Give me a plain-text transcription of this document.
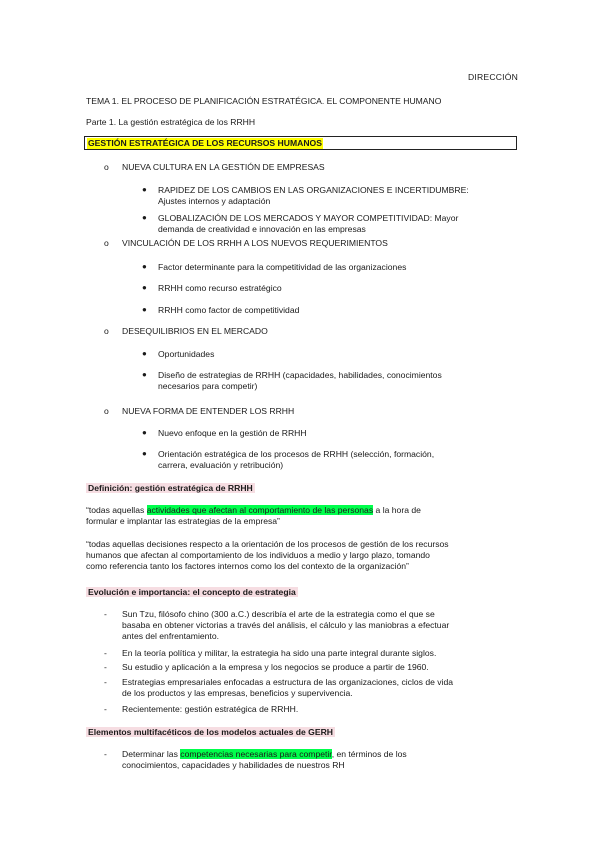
DIRECCIÓN
TEMA 1. EL PROCESO DE PLANIFICACIÓN ESTRATÉGICA. EL COMPONENTE HUMANO
Parte 1. La gestión estratégica de los RRHH
GESTIÓN ESTRATÉGICA DE LOS RECURSOS HUMANOS
o NUEVA CULTURA EN LA GESTIÓN DE EMPRESAS
● RAPIDEZ DE LOS CAMBIOS EN LAS ORGANIZACIONES E INCERTIDUMBRE:
Ajustes internos y adaptación
● GLOBALIZACIÓN DE LOS MERCADOS Y MAYOR COMPETITIVIDAD: Mayor
demanda de creatividad e innovación en las empresas
o VINCULACIÓN DE LOS RRHH A LOS NUEVOS REQUERIMIENTOS
● Factor determinante para la competitividad de las organizaciones
● RRHH como recurso estratégico
● RRHH como factor de competitividad
o DESEQUILIBRIOS EN EL MERCADO
● Oportunidades
● Diseño de estrategias de RRHH (capacidades, habilidades, conocimientos
necesarios para competir)
o NUEVA FORMA DE ENTENDER LOS RRHH
● Nuevo enfoque en la gestión de RRHH
● Orientación estratégica de los procesos de RRHH (selección, formación,
carrera, evaluación y retribución)
Definición: gestión estratégica de RRHH
“todas aquellas actividades que afectan al comportamiento de las personas a la hora de
formular e implantar las estrategias de la empresa”
“todas aquellas decisiones respecto a la orientación de los procesos de gestión de los recursos
humanos que afectan al comportamiento de los individuos a medio y largo plazo, tomando
como referencia tanto los factores internos como los del contexto de la organización”
Evolución e importancia: el concepto de estrategia
- Sun Tzu, filósofo chino (300 a.C.) describía el arte de la estrategia como el que se
basaba en obtener victorias a través del análisis, el cálculo y las maniobras a efectuar
antes del enfrentamiento.
- En la teoría política y militar, la estrategia ha sido una parte integral durante siglos.
- Su estudio y aplicación a la empresa y los negocios se produce a partir de 1960.
- Estrategias empresariales enfocadas a estructura de las organizaciones, ciclos de vida
de los productos y las empresas, beneficios y supervivencia.
- Recientemente: gestión estratégica de RRHH.
Elementos multifacéticos de los modelos actuales de GERH
- Determinar las competencias necesarias para competir, en términos de los
conocimientos, capacidades y habilidades de nuestros RH
